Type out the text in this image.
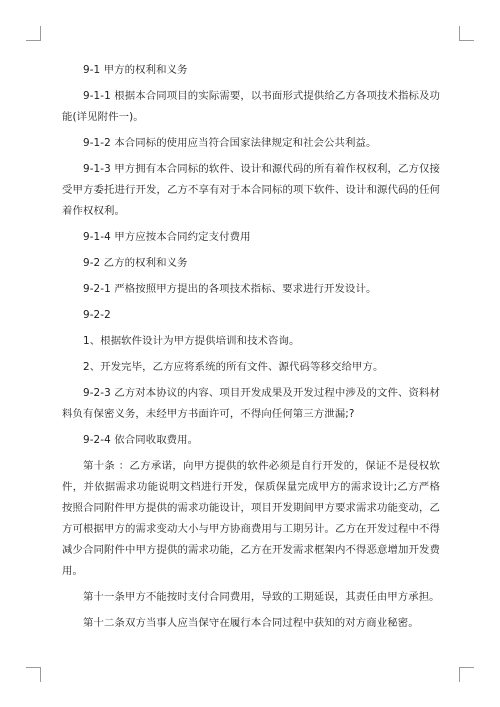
9-1 甲方的权利和义务

9-1-1 根据本合同项目的实际需要，以书面形式提供给乙方各项技术指标及功能(详见附件一)。

9-1-2 本合同标的使用应当符合国家法律规定和社会公共利益。

9-1-3 甲方拥有本合同标的软件、设计和源代码的所有着作权权利，乙方仅接受甲方委托进行开发，乙方不享有对于本合同标的项下软件、设计和源代码的任何着作权权利。

9-1-4 甲方应按本合同约定支付费用

9-2 乙方的权利和义务

9-2-1 严格按照甲方提出的各项技术指标、要求进行开发设计。

9-2-2

1、根据软件设计为甲方提供培训和技术咨询。

2、开发完毕，乙方应将系统的所有文件、源代码等移交给甲方。

9-2-3 乙方对本协议的内容、项目开发成果及开发过程中涉及的文件、资料材料负有保密义务，未经甲方书面许可，不得向任何第三方泄漏;?

9-2-4 依合同收取费用。

第十条 ：乙方承诺，向甲方提供的软件必须是自行开发的，保证不是侵权软件，并依据需求功能说明文档进行开发，保质保量完成甲方的需求设计;乙方严格按照合同附件甲方提供的需求功能设计，项目开发期间甲方要求需求功能变动，乙方可根据甲方的需求变动大小与甲方协商费用与工期另计。乙方在开发过程中不得减少合同附件中甲方提供的需求功能，乙方在开发需求框架内不得恶意增加开发费用。

第十一条甲方不能按时支付合同费用，导致的工期延误，其责任由甲方承担。

第十二条双方当事人应当保守在履行本合同过程中获知的对方商业秘密。
